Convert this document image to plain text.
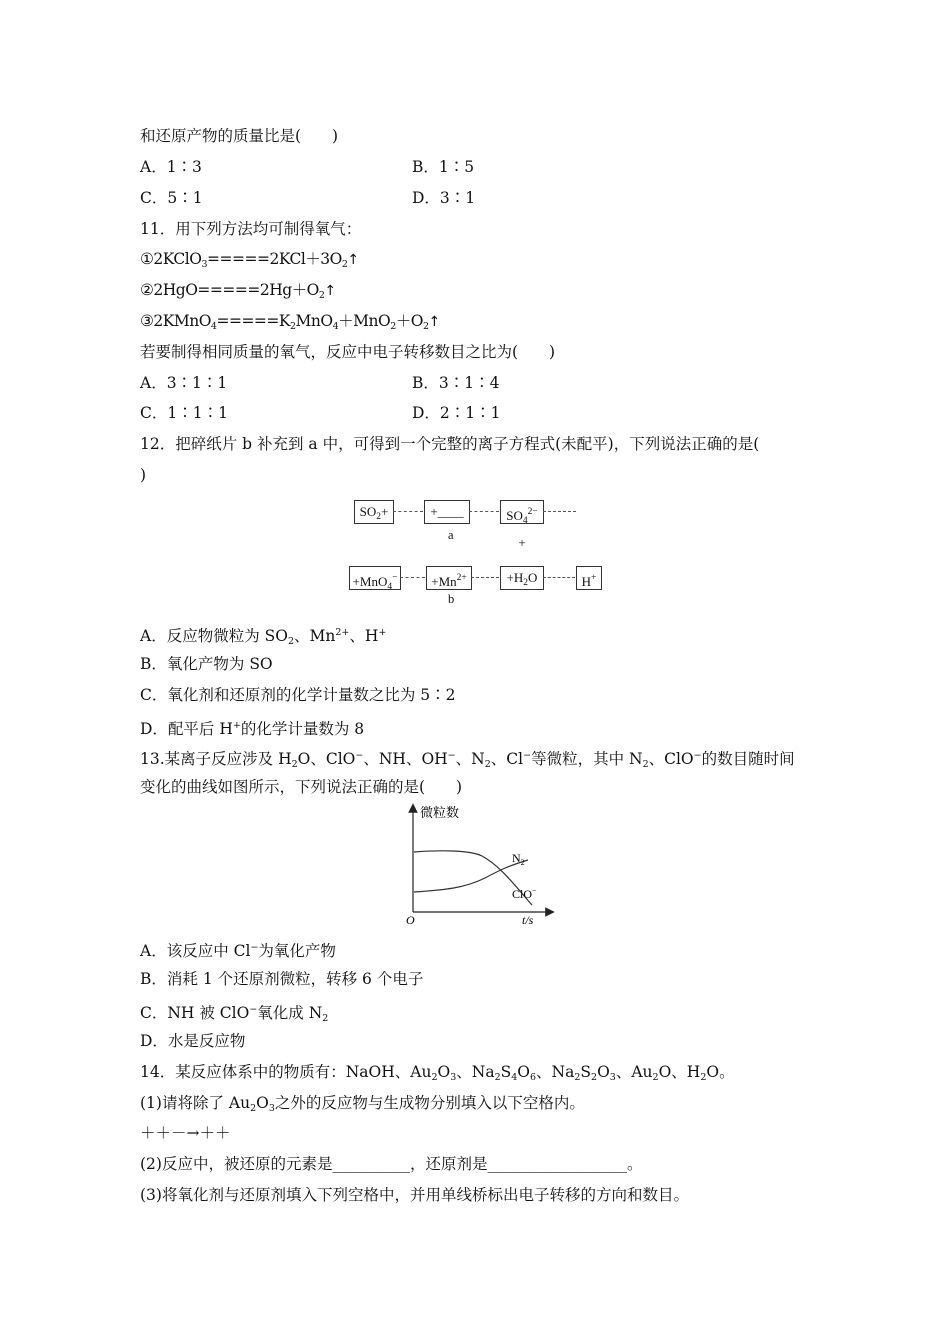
和还原产物的质量比是(　　)
A．1∶3	B．1∶5
C．5∶1	D．3∶1
11．用下列方法均可制得氧气：
$①2KClO_3=====2KCl+3O_2↑$
$②2HgO=====2Hg+O_2↑$
$③2KMnO_4=====K_2MnO_4+MnO_2+O_2↑$
若要制得相同质量的氧气，反应中电子转移数目之比为(　　)
A．3∶1∶1	B．3∶1∶4
C．1∶1∶1	D．2∶1∶1
12．把碎纸片 b 补充到 a 中，可得到一个完整的离子方程式(未配平)，下列说法正确的是(
)
$SO_2+$	+____	$SO_4^{2-}$ +
a
+MnO$_4$−	$+Mn^{2+}$	$+H_2O$	H+
b
A．反应物微粒为 $SO_2$、$Mn^{2+}$、H+
B．氧化产物为 SO
C．氧化剂和还原剂的化学计量数之比为 5∶2
D．配平后 H+的化学计量数为 8
13.某离子反应涉及 $H_2O$、ClO−、NH、OH−、$N_2$、Cl−等微粒，其中 $N_2$、ClO−的数目随时间
变化的曲线如图所示，下列说法正确的是(　　)
微粒数
O	t/s
$N_2$
ClO−
A．该反应中 Cl−为氧化产物
B．消耗 1 个还原剂微粒，转移 6 个电子
C．NH 被 ClO−氧化成 $N_2$
D．水是反应物
14．某反应体系中的物质有：NaOH、$Au_2O_3$、$Na_2S_4O_6$、$Na_2S_2O_3$、$Au_2O$、$H_2O$。
(1)请将除了 $Au_2O_3$之外的反应物与生成物分别填入以下空格内。
＋＋－→＋＋
(2)反应中，被还原的元素是__________，还原剂是__________________。
(3)将氧化剂与还原剂填入下列空格中，并用单线桥标出电子转移的方向和数目。
